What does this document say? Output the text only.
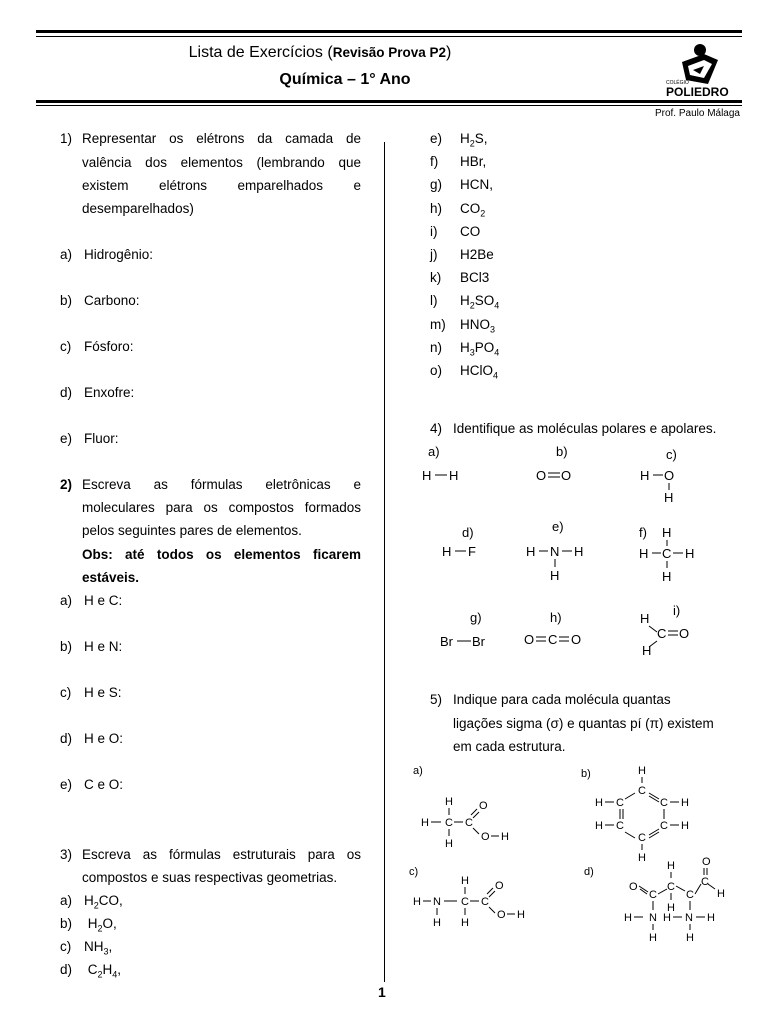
Lista de Exercícios (Revisão Prova P2)
Química – 1° Ano	COLÉGIO
POLIEDRO
Prof. Paulo Málaga
1) Representar os elétrons da camada de
valência dos elementos (lembrando que
existem elétrons emparelhados e
desemparelhados)
a) Hidrogênio:
b) Carbono:
c) Fósforo:
d) Enxofre:
e) Fluor:
2) Escreva as fórmulas eletrônicas e
moleculares para os compostos formados
pelos seguintes pares de elementos.
Obs: até todos os elementos ficarem
estáveis.
a) H e C:
b) H e N:
c) H e S:
d) H e O:
e) C e O:
3) Escreva as fórmulas estruturais para os
compostos e suas respectivas geometrias.
a) $H_2CO$,
b) $H_2O$,
c) $NH_3$,
d) $C_2H_4$,
e) $H_2S$,
f) HBr,
g) HCN,
h) $CO_2$
i) CO
j) H2Be
k) BCl3
l) $H_2SO_4$
m) $HNO_3$
n) $H_3PO_4$
o) HClO$_4$
4) Identifique as moléculas polares e apolares.
a)
H H
b)
O O
c)
H O
H
d)
H F
e)
H N H
H
f) H
H C H
H
g)
Br Br
h)
O C O
i)
H
C O
H
5) Indique para cada molécula quantas
ligações sigma (σ) e quantas pí (π) existem
em cada estrutura.
a)
H
H C C
O
O H
H
b)	H
C
C	C
C	C
C
H
H
H
H
H
c)
H
H N C C
O
O H
H H
d)
O
H
O
C
C
C
C
H
H
H N
H
N H
H
H
1
